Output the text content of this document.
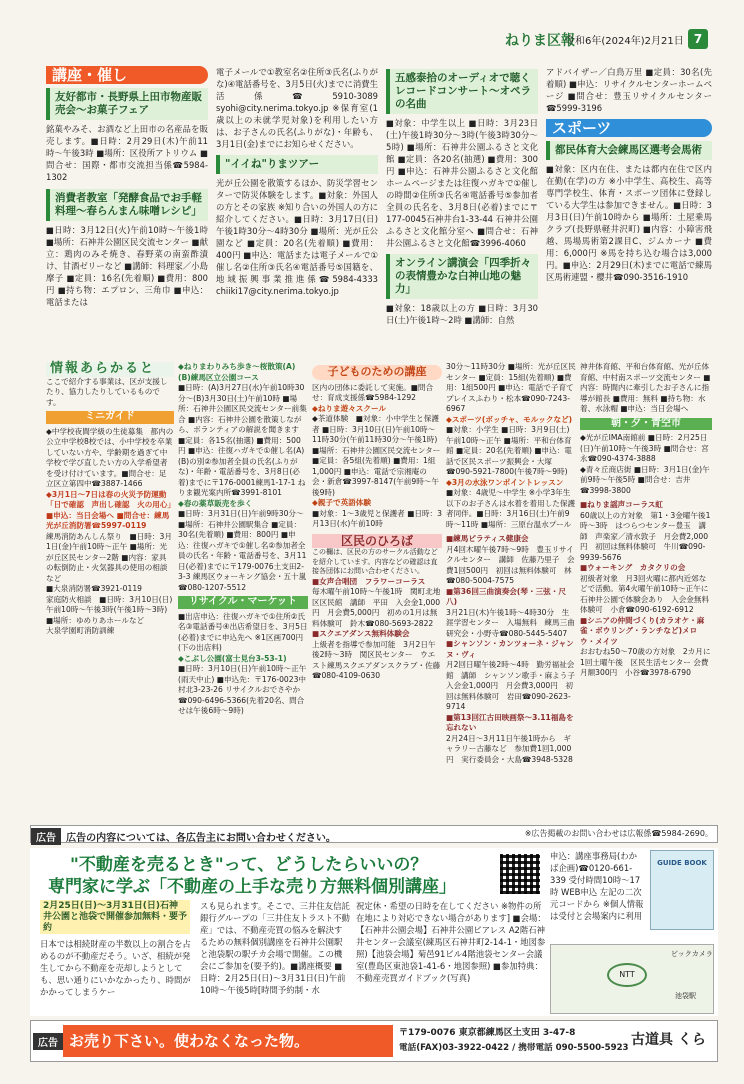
ねりま区報
令和6年(2024年)2月21日 7
講座・催し
友好都市・長野県上田市物産販売会〜お菓子フェア
銘菓やみそ、お酒など上田市の名産品を販売します。■日時：2月29日(木)午前11時〜午後3時 ■場所：区役所アトリウム ■問合せ：国際・都市交流担当係☎5984-1302
消費者教室「発酵食品でお手軽料理〜春らんまん味噌レシピ」
■日時：3月12日(火)午前10時〜午後1時 ■場所：石神井公園区民交流センター ■献立：鶏肉のみそ焼き、春野菜の南蛮酢漬け、甘酒ゼリーなど ■講師：料理家／小島摩子 ■定員：16名(先着順) ■費用：800円 ■持ち物：エプロン、三角巾 ■申込：電話または
電子メールで①教室名②住所③氏名(ふりがな)④電話番号を、3月5日(火)までに消費生活係☎5910-3089 syohi@city.nerima.tokyo.jp ※保育室(1歳以上の未就学児対象)を利用したい方は、お子さんの氏名(ふりがな)・年齢も、3月1日(金)までにお知らせください。
"イイね"りまツアー
光が丘公園を散策するほか、防災学習センターで防災体験をします。■対象：外国人の方とその家族 ※知り合いの外国人の方に紹介してください。■日時：3月17日(日)午後1時30分〜4時30分 ■場所：光が丘公園など ■定員：20名(先着順) ■費用：400円 ■申込：電話または電子メールで①催し名②住所③氏名④電話番号⑤国籍を、地域振興事業推進係☎5984-4333 chiiki17@city.nerima.tokyo.jp
五感泰拾のオーディオで聴くレコードコンサート〜オペラの名曲
■対象：中学生以上 ■日時：3月23日(土)午後1時30分〜3時(午後3時30分〜5時) ■場所：石神井公園ふるさと文化館 ■定員：各20名(抽選) ■費用：300円 ■申込：石神井公園ふるさと文化館ホームページまたは往復ハガキで①催しの時間②住所③氏名④電話番号⑤参加者全員の氏名を、3月8日(必着)までに〒177-0045石神井台1-33-44 石神井公園ふるさと文化館分室へ ■問合せ：石神井公園ふるさと文化館☎3996-4060
オンライン講演会「四季折々の表情豊かな白神山地の魅力」
■対象：18歳以上の方 ■日時：3月30日(土)午後1時〜2時 ■講師：自然
アドバイザー／白鳥万里 ■定員：30名(先着順) ■申込：リサイクルセンターホームページ ■問合せ：豊玉リサイクルセンター☎5999-3196
スポーツ
都民体育大会練馬区選考会馬術
■対象：区内在住、または都内在住で区内在勤(在学)の方 ※小中学生、高校生、高等専門学校生、体育・スポーツ団体に登録している大学生は参加できません。■日時：3月3日(日)午前10時から ■場所：土屋乗馬クラブ(長野県軽井沢町) ■内容：小障害飛越、馬場馬術第2課目C、ジムカーナ ■費用：6,000円 ※馬を持ち込む場合は3,000円。■申込：2月29日(木)までに電話で練馬区馬術連盟・櫻井☎090-3516-1910
情報あらかると
ここで紹介する事業は、区が支援したり、協力したりしているものです。
ミニガイド
◆中学校夜間学級の生徒募集　都内の公立中学校8校では、小中学校を卒業していない方や、学齢期を過ぎて中学校で学び直したい方の入学希望者を受け付けています。■問合せ：足立区立第四中☎3887-1466
◆3月1日〜7日は春の火災予防運動「日で確認　声出し確認　火の用心」■申込：当日会場へ ■問合せ：練馬光が丘消防署☎5997-0119
練馬消防あんしん祭り　■日時：3月1日(金)午前10時〜正午 ■場所：光が丘区民センター2階 ■内容：家具の転倒防止・火気器具の使用の相談など
■大泉消防署☎3921-0119
家庭防火相談　■日時：3月10日(日)午前10時〜午後3時(午後1時〜3時) ■場所：ゆめりあホールなど
大泉学園町消防訓練
◆ねりまわりみち歩き〜桜散策(A)(B)練馬区立公園コース
■日時：(A)3月27日(水)午前10時30分〜(B)3月30日(土)午前10時 ■場所：石神井公園区民交流センター前集合 ■内容：石神井公園を散策しながら、ボランティアの解説を聞きます ■定員：各15名(抽選) ■費用：500円 ■申込：往復ハガキで①催し名(A)(B)の別②参加者全員の氏名(ふりがな)・年齢・電話番号を、3月8日(必着)までに〒176-0001練馬1-17-1 ねりま観光案内所☎3991-8101
◆春の薬草販売を歩く
■日時：3月31日(日)午前9時30分〜 ■場所：石神井公園駅集合 ■定員：30名(先着順) ■費用：800円 ■申込：往復ハガキで①催し名②参加者全員の氏名・年齢・電話番号を、3月11日(必着)までに〒179-0076土支田2-3-3 練馬区ウォーキング協会・五十嵐☎080-1207-5512
リサイクル・マーケット
■出店申込：往復ハガキで①住所②氏名③電話番号④出店希望日を、3月5日(必着)までに申込先へ ※1区画700円(下の出店料)
◆こぶし公園(富士見台3-53-1)
■日時：3月10日(日)午前10時〜正午(雨天中止) ■申込先：〒176-0023中村北3-23-26 リサイクルおでさやか☎090-6496-5366(先着20名、問合せは午後6時〜9時)
子どものための講座
区内の団体に委託して実施。■問合せ：育成支援係☎5984-1292
◆ねりま遊々スクール
◆茶道体験　■対象：小中学生と保護者 ■日時：3月10日(日)午前10時〜11時30分(午前11時30分〜午後1時) ■場所：石神井公園区民交流センター ■定員：各5組(先着順) ■費用：1組1,000円 ■申込：電話で宗湘庵の会・新倉☎3997-8147(午前9時〜午後9時)
◆親子で英語体験
■対象：1〜3歳児と保護者 ■日時：3月13日(水)午前10時
区民のひろば
この欄は、区民の方のサークル活動などを紹介しています。内容などの確認は直接各団体にお問い合わせください。
■女声合唱団　フラワーコーラス
毎木曜午前10時〜午後1時　関町北地区区民館　講師　平田　入会金1,000円　月会費5,000円　初めの1月は無料体験可　鈴木☎080-5693-2822
■スクエアダンス無料体験会
上級者を指導で参加可能　3月2日午後2時〜3時　関区民センター　ウエスト練馬スクエアダンスクラブ・佐藤☎080-4109-0630
30分〜11時30分 ■場所：光が丘区民センター ■定員：15組(先着順) ■費用：1組500円 ■申込：電話で子育てプレイスふわり・松本☎090-7243-6967
◆スポーツ(ボッチャ、モルックなど)
■対象：小学生 ■日時：3月9日(土)午前10時〜正午 ■場所：平和台体育館 ■定員：20名(先着順) ■申込：電話で区民スポーツ振興会・大塚☎090-5921-7800(午後7時〜9時)
◆3月の水泳ワンポイントレッスン
■対象：4歳児〜中学生 ※小学3年生以下のお子さんは水着を着用した保護者同伴。■日時：3月16日(土)午前9時〜11時 ■場所：三原台温水プール
■練馬ピラティス健康会
月4回木曜午後7時〜9時　豊玉リサイクルセンター　講師　佐藤乃里子　会費1回500円　初回は無料体験可　林☎080-5004-7575
■第36回三曲演奏会(琴・三弦・尺八)
3月21日(木)午後1時〜4時30分　生涯学習センター　入場無料　練馬三曲研究会・小野寺☎080-5445-5407
■シャンソン・カンツォーネ・ジャンヌ・ヴィ
月2回日曜午後2時〜4時　勤労福祉会館　講師　シャンソン歌手・麻よう子　入会金1,000円　月会費3,000円　初回は無料体験可　岩田☎090-2623-9714
■第13回江古田映画祭〜3.11福島を忘れない
2月24日〜3月11日午後1時から　ギャラリー古藤など　参加費1回1,000円　実行委員会・大島☎3948-5328
神井体育館、平和台体育館、光が丘体育館、中村南スポーツ交流センター ■内容：時間内に牽引したお子さんに指導が館長 ■費用：無料 ■持ち物：水着、水泳帽 ■申込：当日会場へ
朝・夕・青空市
◆光が丘IMA南館前 ■日時：2月25日(日)午前10時〜午後3時 ■問合せ：宮永☎090-4374-3888
◆青々丘商店街 ■日時：3月1日(金)午前9時〜午後5時 ■問合せ：吉井☎3998-3800
■ねりま謡声コーラス虹
60歳以上の方対象　第1・3金曜午後1時〜3時　はつらつセンター豊玉　講師　声楽家／清水敦子　月会費2,000円　初回は無料体験可　牛川☎090-9939-5676
■ウォーキング　カタクリの会
初級者対象　月3回火曜に都内近郊などで活動。第4火曜午前10時〜正午に石神井公園で体験会あり　入会金無料体験可　小倉☎090-6192-6912
■シニアの仲間づくり(カラオケ・麻雀・ボウリング・ランチなど)メロウ・メイツ
おおむね50〜70歳の方対象　2カ月に1回土曜午後　区民生活センター 会費月額300円　小谷☎3978-6790
広告 広告の内容については、各広告主にお問い合わせください。	※広告掲載のお問い合わせは広報係☎5984-2690。
"不動産を売るとき"って、どうしたらいいの？
専門家に学ぶ「不動産の上手な売り方無料個別講座」
2月25日(日)〜3月31日(日)石神井公園と池袋で開催参加無料・要予約
日本では相続財産の半数以上の割合を占めるのが不動産だそう。いざ、相続が発生してから不動産を売却しようとしても、思い通りにいかなかったり、時間がかかってしまうケー
スも見られます。そこで、三井住友信託銀行グループの「三井住友トラスト不動産」では、不動産売買の悩みを解決するための無料個別講座を石神井公園駅と池袋駅の駅チカ会場で開催。この機会にご参加を(要予約)。■講座概要 ■日時：2月25日(日)〜3月31日(日)午前10時〜午後5時[時間予約制・水
祝定休・希望の日時を在してください ※物件の所在地により対応できない場合があります] ■会場：【石神井公園会場】石神井公園ピアレス A2階石神井センター会議室(練馬区石神井町2-14-1・地図参照)【池袋会場】菊邑91ビル4階池袋センター会議室(豊島区東池袋1-41-6・地図参照) ■参加特典：不動産売買ガイドブック(写真)
申込：講座事務局(わかば企画)☎0120-661-339 受付時間10時〜17時 WEB申込 左記の二次元コードから ※個人情報は受付と会場案内に利用
GUIDE BOOK
NTT
ビックカメラ
池袋駅
広告 お売り下さい。使わなくなった物。	〒179-0076 東京都練馬区土支田 3-47-8
電話(FAX)03-3922-0422 / 携帯電話 090-5500-5923 古道具 くら
